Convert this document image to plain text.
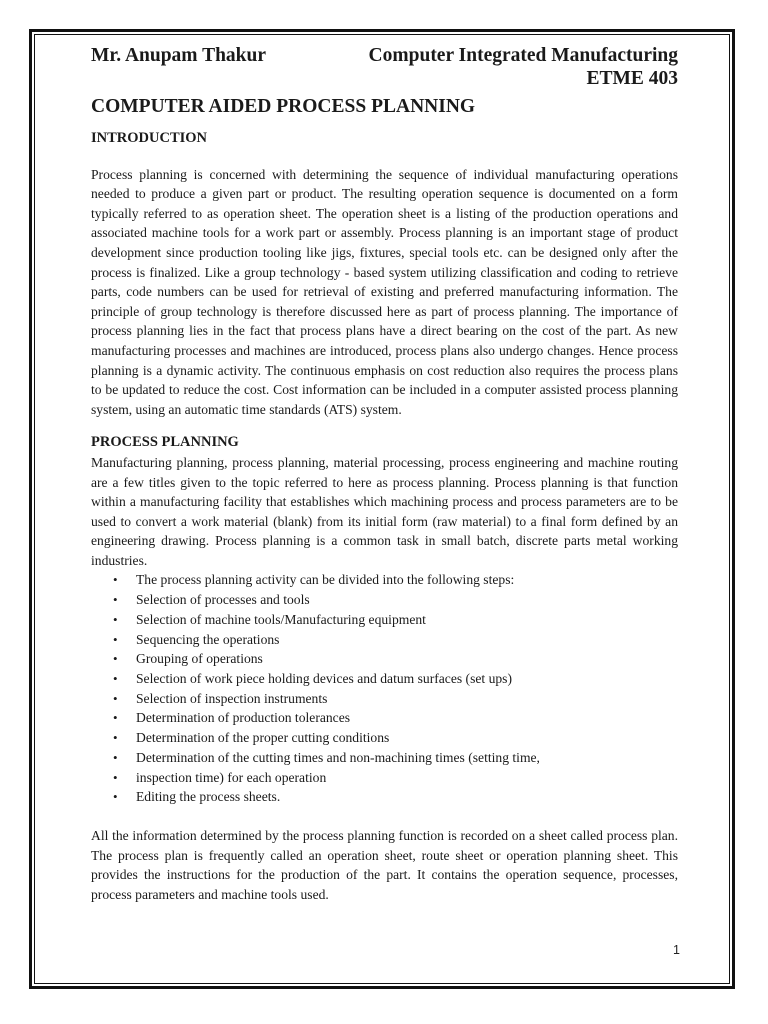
Mr. Anupam Thakur	Computer Integrated Manufacturing
ETME 403
COMPUTER AIDED PROCESS PLANNING
INTRODUCTION

Process planning is concerned with determining the sequence of individual manufacturing operations needed to produce a given part or product. The resulting operation sequence is documented on a form typically referred to as operation sheet. The operation sheet is a listing of the production operations and associated machine tools for a work part or assembly. Process planning is an important stage of product development since production tooling like jigs, fixtures, special tools etc. can be designed only after the process is finalized. Like a group technology - based system utilizing classification and coding to retrieve parts, code numbers can be used for retrieval of existing and preferred manufacturing information. The principle of group technology is therefore discussed here as part of process planning. The importance of process planning lies in the fact that process plans have a direct bearing on the cost of the part. As new manufacturing processes and machines are introduced, process plans also undergo changes. Hence process planning is a dynamic activity. The continuous emphasis on cost reduction also requires the process plans to be updated to reduce the cost. Cost information can be included in a computer assisted process planning system, using an automatic time standards (ATS) system.

PROCESS PLANNING

Manufacturing planning, process planning, material processing, process engineering and machine routing are a few titles given to the topic referred to here as process planning. Process planning is that function within a manufacturing facility that establishes which machining process and process parameters are to be used to convert a work material (blank) from its initial form (raw material) to a final form defined by an engineering drawing. Process planning is a common task in small batch, discrete parts metal working industries.

• The process planning activity can be divided into the following steps:
• Selection of processes and tools
• Selection of machine tools/Manufacturing equipment
• Sequencing the operations
• Grouping of operations
• Selection of work piece holding devices and datum surfaces (set ups)
• Selection of inspection instruments
• Determination of production tolerances
• Determination of the proper cutting conditions
• Determination of the cutting times and non-machining times (setting time,
• inspection time) for each operation
• Editing the process sheets.

All the information determined by the process planning function is recorded on a sheet called process plan. The process plan is frequently called an operation sheet, route sheet or operation planning sheet. This provides the instructions for the production of the part. It contains the operation sequence, processes, process parameters and machine tools used.

1
